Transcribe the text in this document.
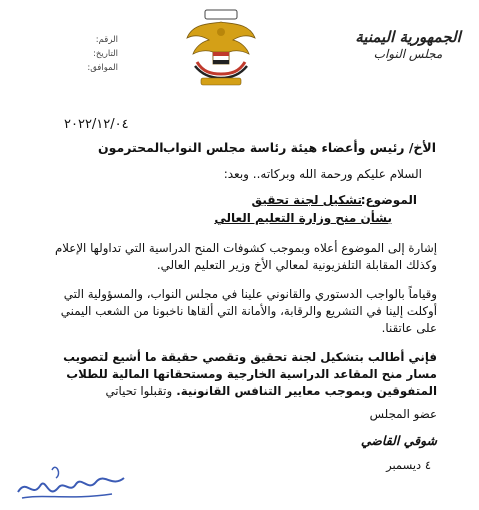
الجمهورية اليمنية
مجلس النواب
الرقم:
التاريخ:
الموافق:
٢٠٢٢/١٢/٠٤
الأخ/ رئيس وأعضاء هيئة رئاسة مجلس النواب
المحترمون
السلام عليكم ورحمة الله وبركاته.. وبعد:
الموضوع:
تشكيل لجنة تحقيق
بشأن منح وزارة التعليم العالي
إشارة إلى الموضوع أعلاه وبموجب كشوفات المنح الدراسية التي تداولها الإعلام وكذلك المقابلة التلفزيونية لمعالي الأخ وزير التعليم العالي.
وقياماً بالواجب الدستوري والقانوني علينا في مجلس النواب، والمسؤولية التي أوكلت إلينا في التشريع والرقابة، والأمانة التي ألقاها ناخبونا من الشعب اليمني على عاتقنا.
فإني أطالب بتشكيل لجنة تحقيق وتقصي حقيقة ما أشيع لتصويب مسار منح المقاعد الدراسية الخارجية ومستحقاتها المالية للطلاب المتفوقين وبموجب معايير التنافس القانونية. وتقبلوا تحياتي
عضو المجلس
شوقي القاضي
٤ ديسمبر
